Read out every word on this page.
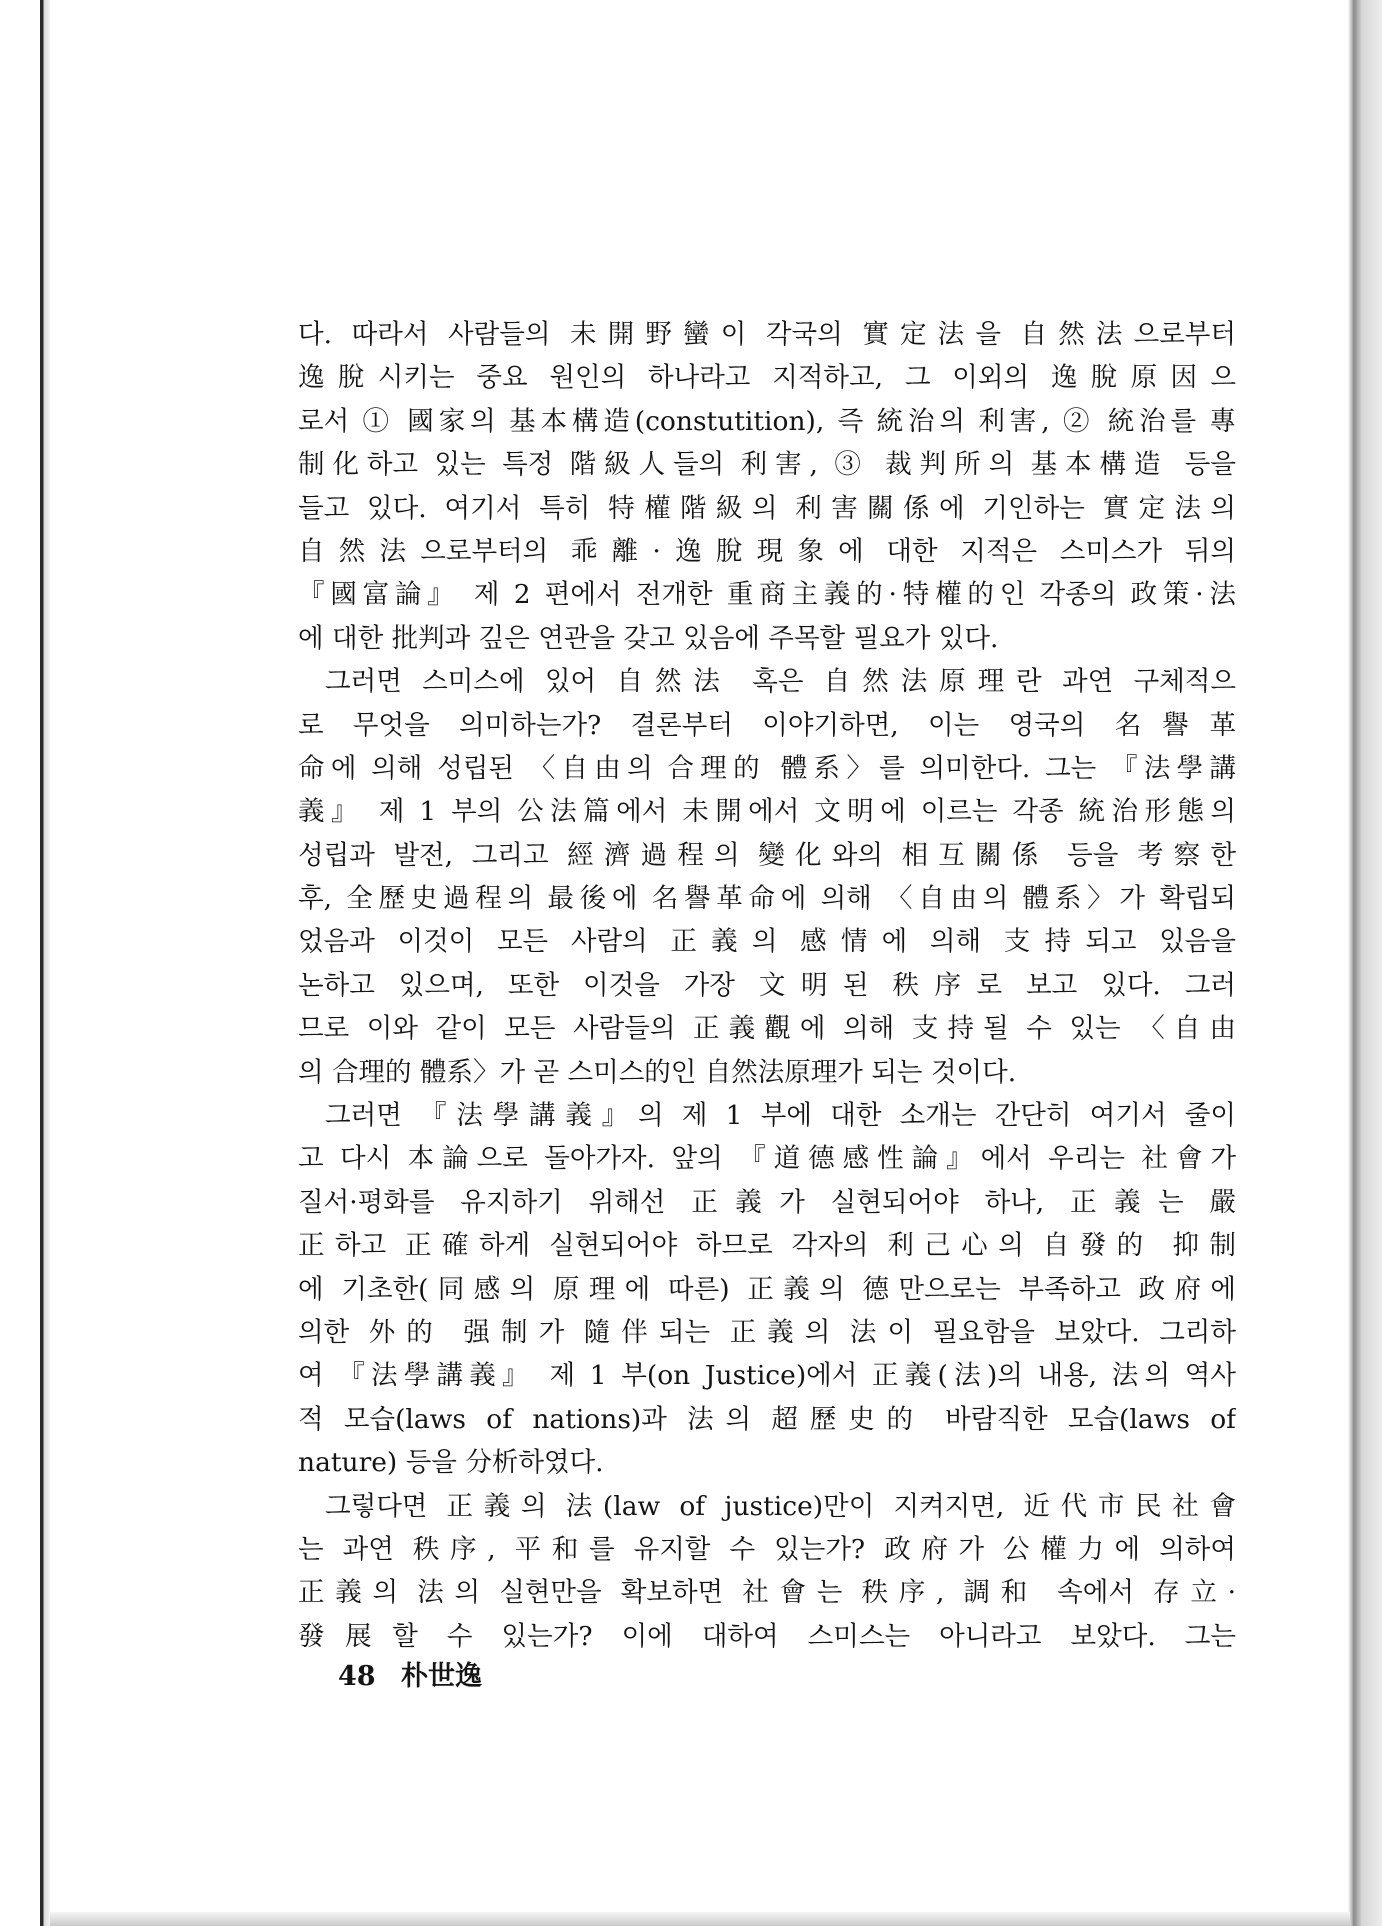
다. 따라서 사람들의 未開野蠻이 각국의 實定法을 自然法으로부터
逸脫시키는 중요 원인의 하나라고 지적하고, 그 이외의 逸脫原因으
로서 ① 國家의 基本構造(constutition), 즉 統治의 利害, ② 統治를 專
制化하고 있는 특정 階級人들의 利害, ③ 裁判所의 基本構造 등을
들고 있다. 여기서 특히 特權階級의 利害關係에 기인하는 實定法의
自然法으로부터의 乖離·逸脫現象에 대한 지적은 스미스가 뒤의
『國富論』 제 2 편에서 전개한 重商主義的·特權的인 각종의 政策·法
에 대한 批判과 깊은 연관을 갖고 있음에 주목할 필요가 있다.
그러면 스미스에 있어 自然法 혹은 自然法原理란 과연 구체적으
로 무엇을 의미하는가? 결론부터 이야기하면, 이는 영국의 名譽革
命에 의해 성립된 〈自由의 合理的 體系〉를 의미한다. 그는 『法學講
義』 제 1 부의 公法篇에서 未開에서 文明에 이르는 각종 統治形態의
성립과 발전, 그리고 經濟過程의 變化와의 相互關係 등을 考察한
후, 全歷史過程의 最後에 名譽革命에 의해 〈自由의 體系〉가 확립되
었음과 이것이 모든 사람의 正義의 感情에 의해 支持되고 있음을
논하고 있으며, 또한 이것을 가장 文明된 秩序로 보고 있다. 그러
므로 이와 같이 모든 사람들의 正義觀에 의해 支持될 수 있는 〈自由
의 合理的 體系〉가 곧 스미스的인 自然法原理가 되는 것이다.
그러면 『法學講義』의 제 1 부에 대한 소개는 간단히 여기서 줄이
고 다시 本論으로 돌아가자. 앞의 『道德感性論』에서 우리는 社會가
질서·평화를 유지하기 위해선 正義가 실현되어야 하나, 正義는 嚴
正하고 正確하게 실현되어야 하므로 각자의 利己心의 自發的 抑制
에 기초한(同感의 原理에 따른) 正義의 德만으로는 부족하고 政府에
의한 外的 强制가 隨伴되는 正義의 法이 필요함을 보았다. 그리하
여 『法學講義』 제 1 부(on Justice)에서 正義(法)의 내용, 法의 역사
적 모습(laws of nations)과 法의 超歷史的 바람직한 모습(laws of
nature) 등을 分析하였다.
그렇다면 正義의 法(law of justice)만이 지켜지면, 近代市民社會
는 과연 秩序, 平和를 유지할 수 있는가? 政府가 公權力에 의하여
正義의 法의 실현만을 확보하면 社會는 秩序, 調和 속에서 存立·
發展할 수 있는가? 이에 대하여 스미스는 아니라고 보았다. 그는
48 朴世逸
